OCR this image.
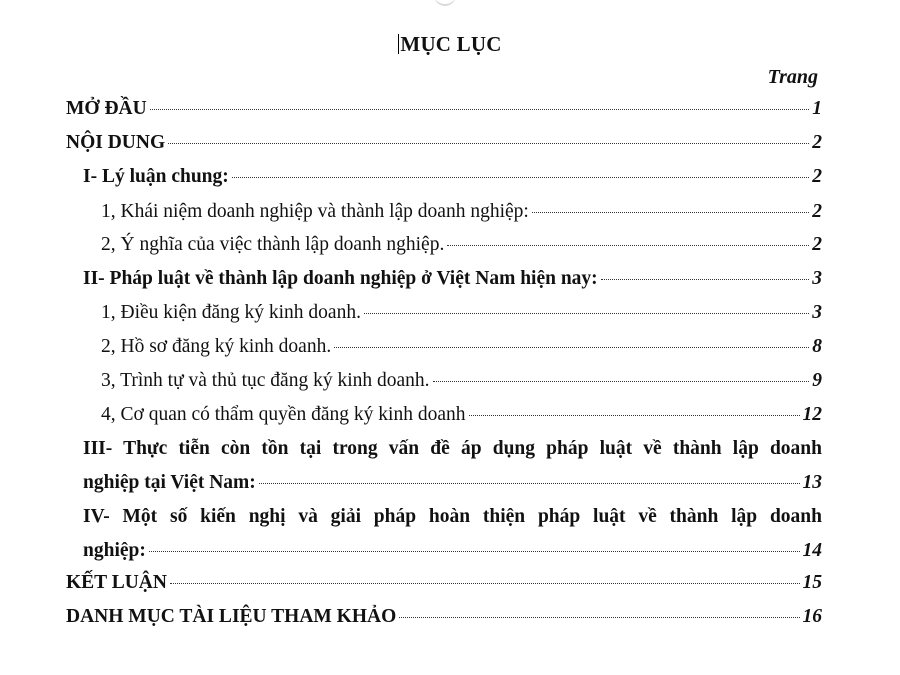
MỤC LỤC
Trang
MỞ ĐẦU	1
NỘI DUNG	2
I- Lý luận chung:	2
1, Khái niệm doanh nghiệp và thành lập doanh nghiệp:	2
2, Ý nghĩa của việc thành lập doanh nghiệp.	2
II- Pháp luật về thành lập doanh nghiệp ở Việt Nam hiện nay:	3
1, Điều kiện đăng ký kinh doanh.	3
2, Hồ sơ đăng ký kinh doanh.	8
3, Trình tự và thủ tục đăng ký kinh doanh.	9
4, Cơ quan có thẩm quyền đăng ký kinh doanh	12
III- Thực tiễn còn tồn tại trong vấn đề áp dụng pháp luật về thành lập doanh
nghiệp tại Việt Nam:	13
IV- Một số kiến nghị và giải pháp hoàn thiện pháp luật về thành lập doanh
nghiệp:	14
KẾT LUẬN	15
DANH MỤC TÀI LIỆU THAM KHẢO	16
